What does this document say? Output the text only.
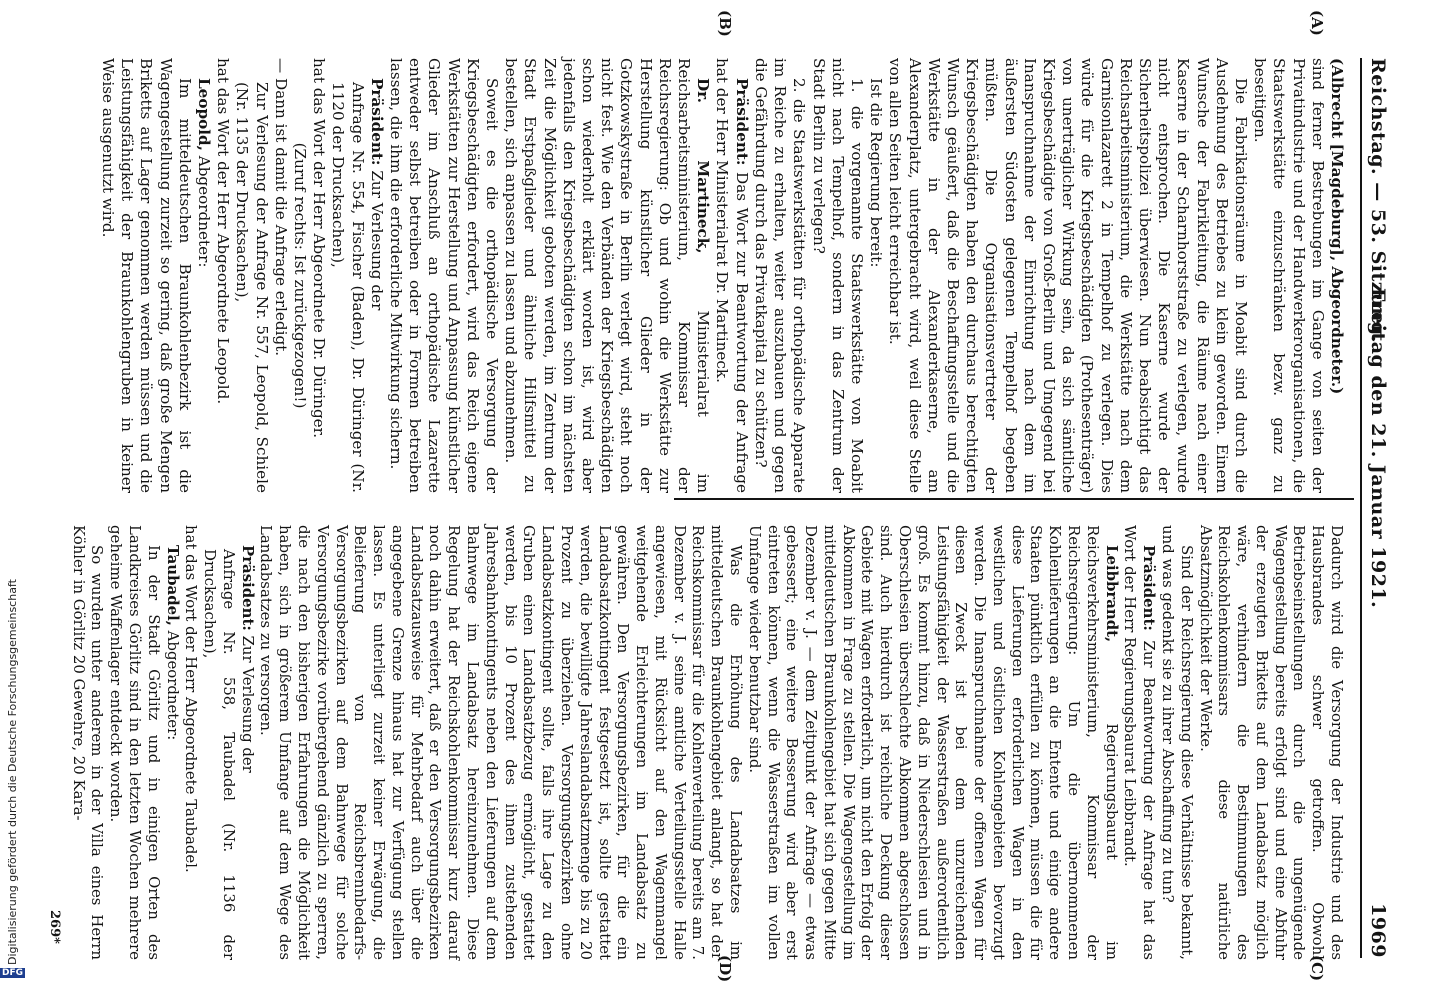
Reichstag. — 53. Sitzung.
Freitag den 21. Januar 1921.
1969
(A)
(B)
(C)
(D)

(Albrecht [Magdeburg], Abgeordneter.)

sind ferner Bestrebungen im Gange von seiten der Privatindustrie und der Handwerkerorganisationen, die Staatswerkstätte einzuschränken bezw. ganz zu beseitigen.

Die Fabrikationsräume in Moabit sind durch die Ausdehnung des Betriebes zu klein geworden. Einem Wunsche der Fabrikleitung, die Räume nach einer Kaserne in der Scharnhorststraße zu verlegen, wurde nicht entsprochen. Die Kaserne wurde der Sicherheitspolizei überwiesen. Nun beabsichtigt das Reichsarbeitsministerium, die Werkstätte nach dem Garnisonlazarett 2 in Tempelhof zu verlegen. Dies würde für die Kriegsbeschädigten (Prothesenträger) von unerträglicher Wirkung sein, da sich sämtliche Kriegsbeschädigte von Groß-Berlin und Umgegend bei Inanspruchnahme der Einrichtung nach dem im äußersten Südosten gelegenen Tempelhof begeben müßten. Die Organisationsvertreter der Kriegsbeschädigten haben den durchaus berechtigten Wunsch geäußert, daß die Beschaffungsstelle und die Werkstätte in der Alexanderkaserne, am Alexanderplatz, untergebracht wird, weil diese Stelle von allen Seiten leicht erreichbar ist.

Ist die Regierung bereit:

1. die vorgenannte Staatswerkstätte von Moabit nicht nach Tempelhof, sondern in das Zentrum der Stadt Berlin zu verlegen?

2. die Staatswerkstätten für orthopädische Apparate im Reiche zu erhalten, weiter auszubauen und gegen die Gefährdung durch das Privatkapital zu schützen?

Präsident: Das Wort zur Beantwortung der Anfrage hat der Herr Ministerialrat Dr. Martineck.

Dr. Martineck, Ministerialrat im Reichsarbeitsministerium, Kommissar der Reichsregierung: Ob und wohin die Werkstätte zur Herstellung künstlicher Glieder in der Gotzkowskystraße in Berlin verlegt wird, steht noch nicht fest. Wie den Verbänden der Kriegsbeschädigten schon wiederholt erklärt worden ist, wird aber jedenfalls den Kriegsbeschädigten schon im nächsten Zeit die Möglichkeit geboten werden, im Zentrum der Stadt Erstpaßglieder und ähnliche Hilfsmittel zu bestellen, sich anpassen zu lassen und abzunehmen.

Soweit es die orthopädische Versorgung der Kriegsbeschädigten erfordert, wird das Reich eigene Werkstätten zur Herstellung und Anpassung künstlicher Glieder im Anschluß an orthopädische Lazarette entweder selbst betreiben oder in Formen betreiben lassen, die ihm die erforderliche Mitwirkung sichern.

Präsident: Zur Verlesung der

Anfrage Nr. 554, Fischer (Baden), Dr. Düringer (Nr. 1120 der Drucksachen),

hat das Wort der Herr Abgeordnete Dr. Düringer.

(Zuruf rechts: Ist zurückgezogen!)

— Dann ist damit die Anfrage erledigt.

Zur Verlesung der Anfrage Nr. 557, Leopold, Schiele (Nr. 1135 der Drucksachen),

hat das Wort der Herr Abgeordnete Leopold.

Leopold, Abgeordneter:

Im mitteldeutschen Braunkohlenbezirk ist die Wagengestellung zurzeit so gering, daß große Mengen Briketts auf Lager genommen werden müssen und die Leistungsfähigkeit der Braunkohlengruben in keiner Weise ausgenutzt wird.

Dadurch wird die Versorgung der Industrie und des Hausbrandes schwer getroffen. Obwohl Betriebseinstellungen durch die ungenügende Wagengestellung bereits erfolgt sind und eine Abfuhr der erzeugten Briketts auf dem Landabsatz möglich wäre, verhindern die Bestimmungen des Reichskohlenkommissars diese natürliche Absatzmöglichkeit der Werke.

Sind der Reichsregierung diese Verhältnisse bekannt, und was gedenkt sie zu ihrer Abschaffung zu tun?

Präsident: Zur Beantwortung der Anfrage hat das Wort der Herr Regierungsbaurat Leibbrandt.

Leibbrandt, Regierungsbaurat im Reichsverkehrsministerium, Kommissar der Reichsregierung: Um die übernommenen Kohlenlieferungen an die Entente und einige andere Staaten pünktlich erfüllen zu können, müssen die für diese Lieferungen erforderlichen Wagen in den westlichen und östlichen Kohlengebieten bevorzugt werden. Die Inanspruchnahme der offenen Wagen für diesen Zweck ist bei dem unzureichenden Leistungsfähigkeit der Wasserstraßen außerordentlich groß. Es kommt hinzu, daß in Niederschlesien und in Oberschlesien überschlechte Abkommen abgeschlossen sind. Auch hierdurch ist reichliche Deckung dieser Gebiete mit Wagen erforderlich, um nicht den Erfolg der Abkommen in Frage zu stellen. Die Wagengestellung im mitteldeutschen Braunkohlengebiet hat sich gegen Mitte Dezember v. J. — dem Zeitpunkt der Anfrage — etwas gebessert; eine weitere Besserung wird aber erst eintreten können, wenn die Wasserstraßen im vollen Umfange wieder benutzbar sind.

Was die Erhöhung des Landabsatzes im mitteldeutschen Braunkohlengebiet anlangt, so hat der Reichskommissar für die Kohlenverteilung bereits am 7. Dezember v. J. seine amtliche Verteilungsstelle Halle angewiesen, mit Rücksicht auf den Wagenmangel weitgehende Erleichterungen im Landabsatz zu gewähren. Den Versorgungsbezirken, für die ein Landabsatzkontingent festgesetzt ist, sollte gestattet werden, die bewilligte Jahreslandabsatzmenge bis zu 20 Prozent zu überziehen. Versorgungsbezirken ohne Landabsatzkontingent sollte, falls ihre Lage zu den Gruben einen Landabsatzbezug ermöglicht, gestattet werden, bis 10 Prozent des ihnen zustehenden Jahresbahnkontingents neben den Lieferungen auf dem Bahnwege im Landabsatz hereinzunehmen. Diese Regelung hat der Reichskohlenkommissar kurz darauf noch dahin erweitert, daß er den Versorgungsbezirken Landabsatzausweise für Mehrbedarf auch über die angegebene Grenze hinaus hat zur Verfügung stellen lassen. Es unterliegt zurzeit keiner Erwägung, die Belieferung von Reichsbrennbedarfs-Versorgungsbezirken auf dem Bahnwege für solche Versorgungsbezirke vorübergehend gänzlich zu sperren, die nach den bisherigen Erfahrungen die Möglichkeit haben, sich in größerem Umfange auf dem Wege des Landabsatzes zu versorgen.

Präsident: Zur Verlesung der

Anfrage Nr. 558, Taubadel (Nr. 1136 der Drucksachen),

hat das Wort der Herr Abgeordnete Taubadel.

Taubadel, Abgeordneter:

In der Stadt Görlitz und in einigen Orten des Landkreises Görlitz sind in den letzten Wochen mehrere geheime Waffenlager entdeckt worden.

So wurden unter anderem in der Villa eines Herrn Köhler in Görlitz 20 Gewehre, 20 Kara-

269*
Digitalisierung gefördert durch die Deutsche Forschungsgemeinschaft
DFG
